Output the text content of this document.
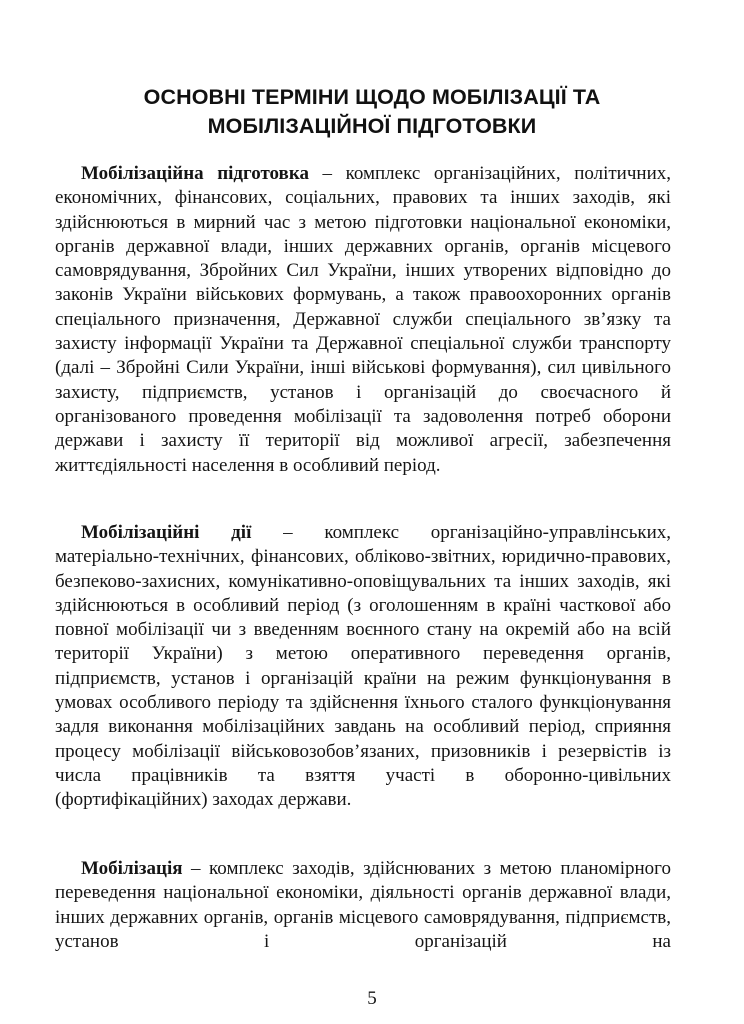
ОСНОВНІ ТЕРМІНИ ЩОДО МОБІЛІЗАЦІЇ ТА
МОБІЛІЗАЦІЙНОЇ ПІДГОТОВКИ

Мобілізаційна підготовка – комплекс організаційних, політичних, економічних, фінансових, соціальних, правових та інших заходів, які здійснюються в мирний час з метою підготовки національної економіки, органів державної влади, інших державних органів, органів місцевого самоврядування, Збройних Сил України, інших утворених відповідно до законів України військових формувань, а також правоохоронних органів спеціального призначення, Державної служби спеціального зв’язку та захисту інформації України та Державної спеціальної служби транспорту (далі – Збройні Сили України, інші військові формування), сил цивільного захисту, підприємств, установ і організацій до своєчасного й організованого проведення мобілізації та задоволення потреб оборони держави і захисту її території від можливої агресії, забезпечення життєдіяльності населення в особливий період.

Мобілізаційні дії – комплекс організаційно-управлінських, матеріально-технічних, фінансових, обліково-звітних, юридично-правових, безпеково-захисних, комунікативно-оповіщувальних та інших заходів, які здійснюються в особливий період (з оголошенням в країні часткової або повної мобілізації чи з введенням воєнного стану на окремій або на всій території України) з метою оперативного переведення органів, підприємств, установ і організацій країни на режим функціонування в умовах особливого періоду та здійснення їхнього сталого функціонування задля виконання мобілізаційних завдань на особливий період, сприяння процесу мобілізації військовозобов’язаних, призовників і резервістів із числа працівників та взяття участі в оборонно-цивільних (фортифікаційних) заходах держави.

Мобілізація – комплекс заходів, здійснюваних з метою планомірного переведення національної економіки, діяльності органів державної влади, інших державних органів, органів місцевого самоврядування, підприємств, установ і організацій на

5
